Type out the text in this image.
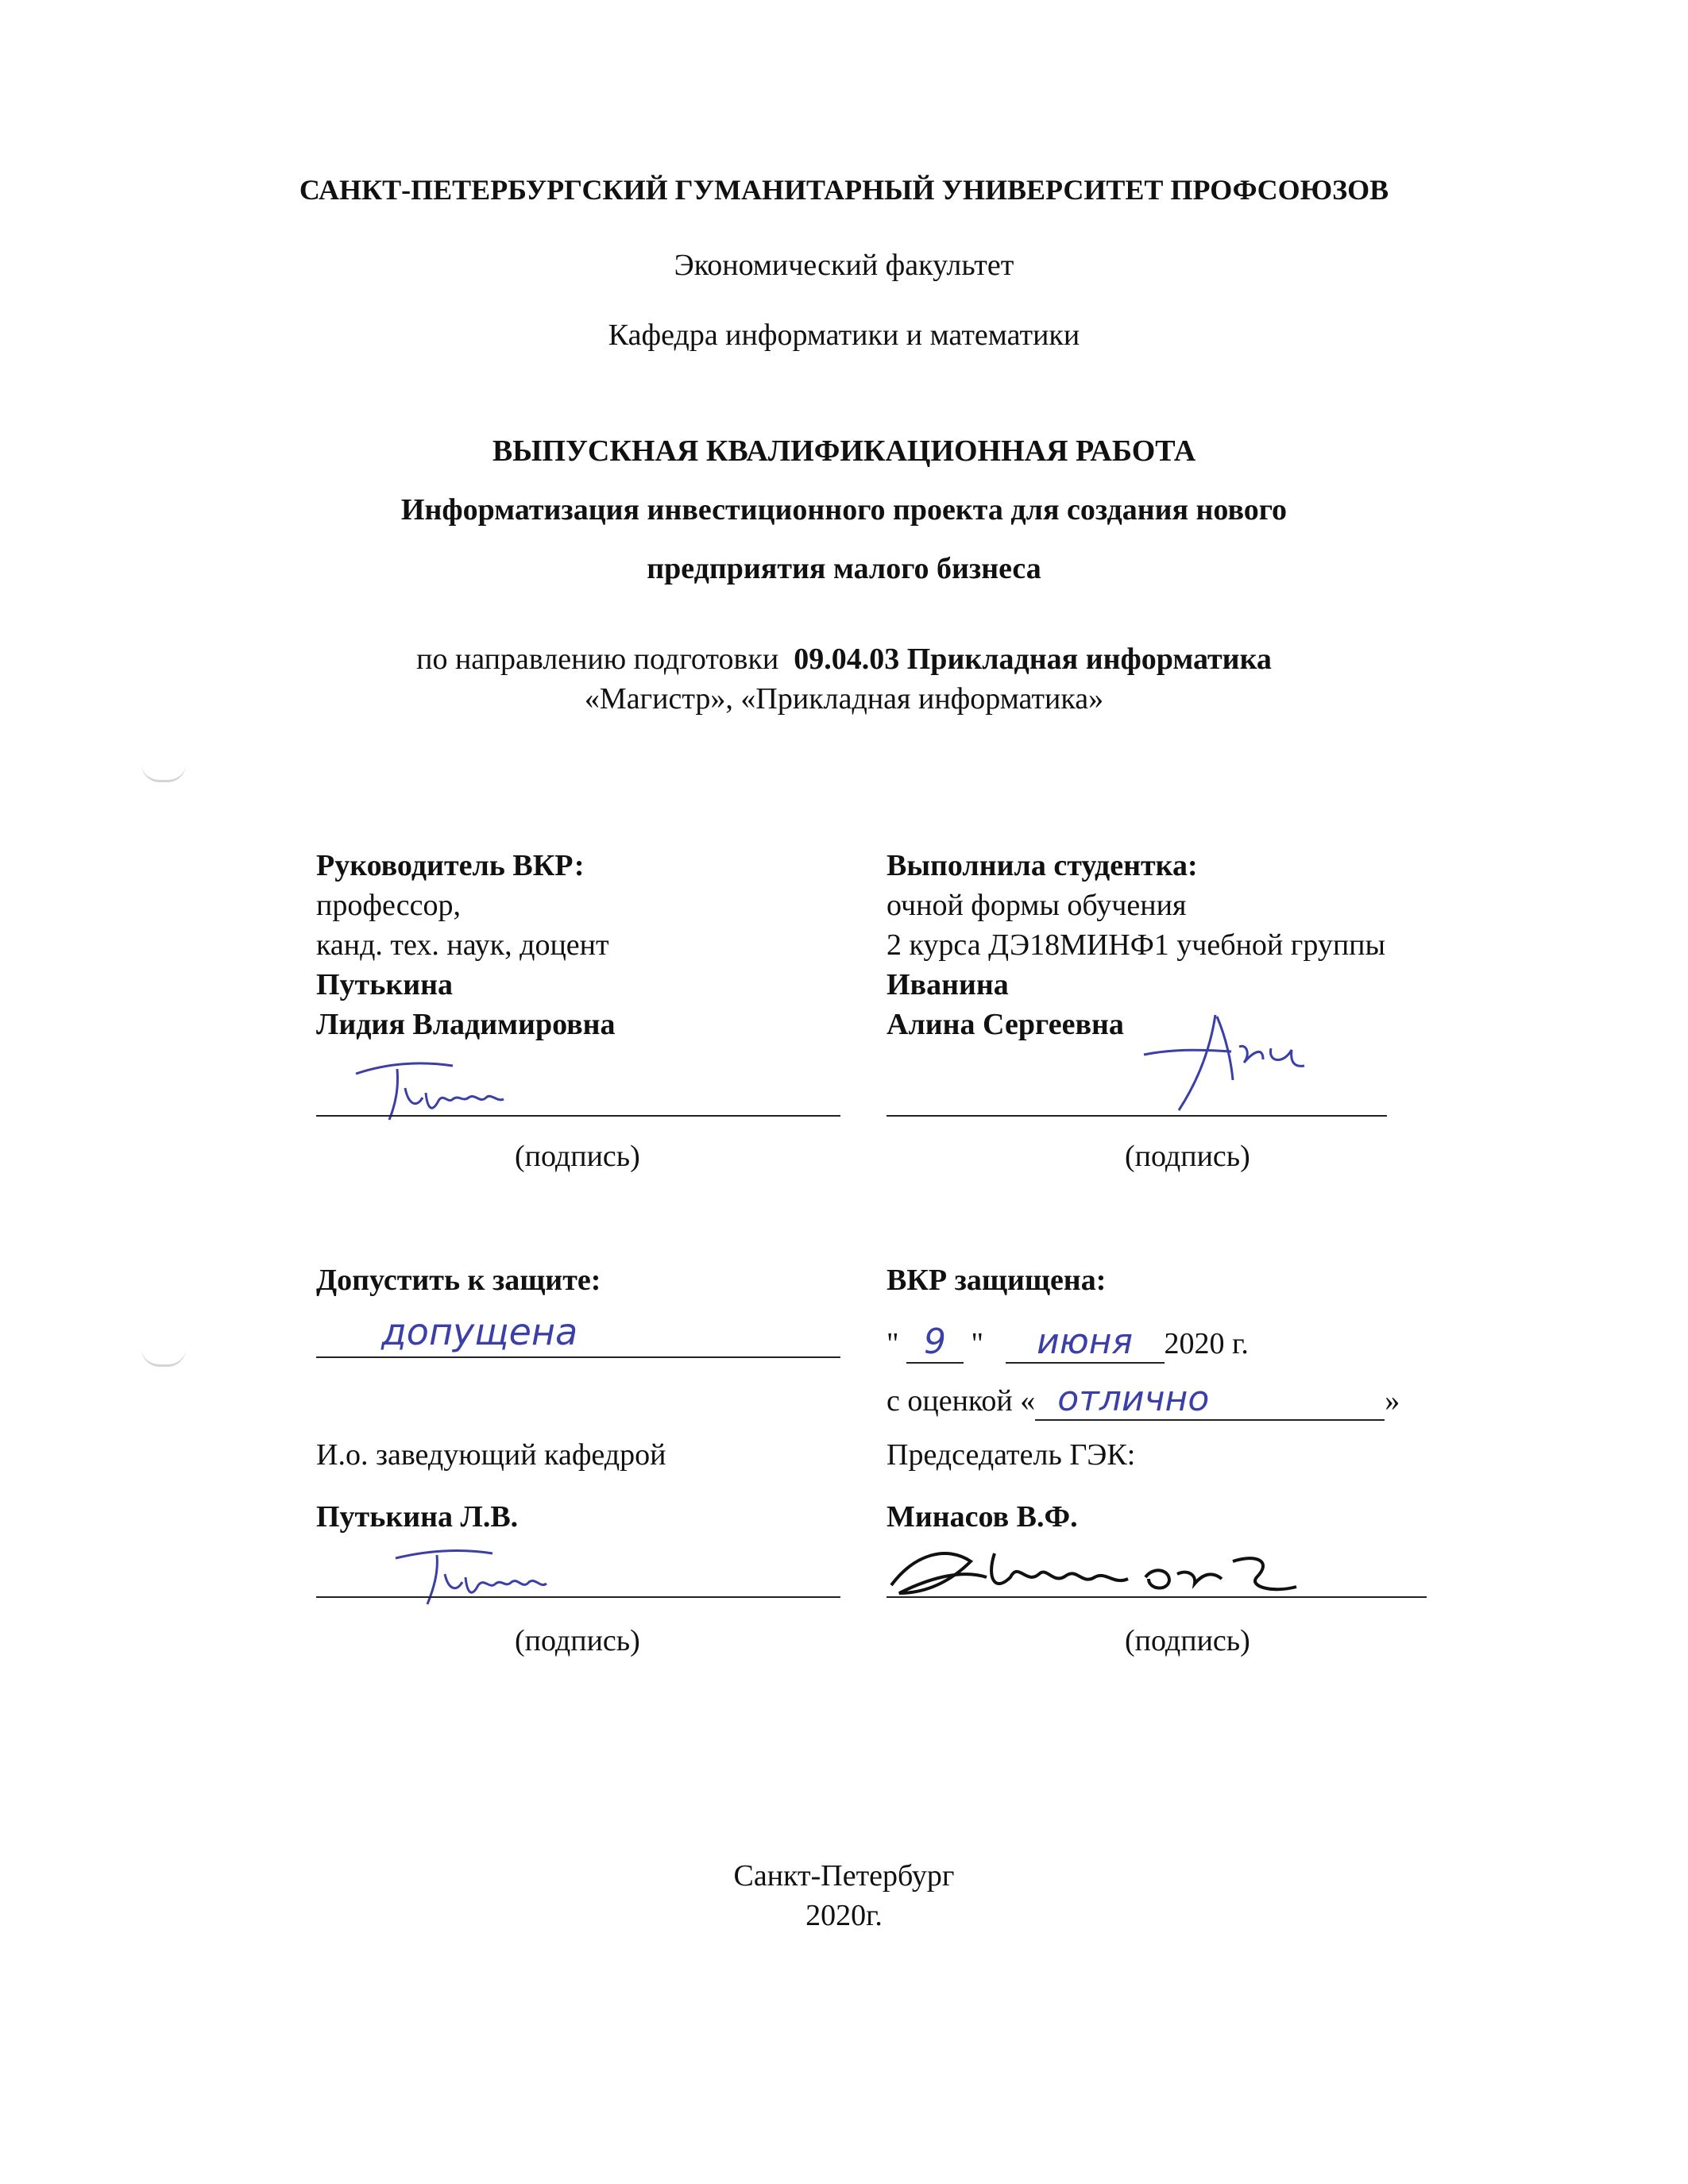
САНКТ-ПЕТЕРБУРГСКИЙ ГУМАНИТАРНЫЙ УНИВЕРСИТЕТ ПРОФСОЮЗОВ
Экономический факультет
Кафедра информатики и математики
ВЫПУСКНАЯ КВАЛИФИКАЦИОННАЯ РАБОТА
Информатизация инвестиционного проекта для создания нового
предприятия малого бизнеса
по направлению подготовки 09.04.03 Прикладная информатика
«Магистр», «Прикладная информатика»
Руководитель ВКР:
профессор,
канд. тех. наук, доцент
Путькина
Лидия Владимировна
(подпись)
Выполнила студентка:
очной формы обучения
2 курса ДЭ18МИНФ1 учебной группы
Иванина
Алина Сергеевна
(подпись)
Допустить к защите:
допущена
И.о. заведующий кафедрой
Путькина Л.В.
(подпись)
ВКР защищена:
" 9 " июня 2020 г.
с оценкой « отлично	»
Председатель ГЭК:
Минасов В.Ф.
(подпись)
Санкт-Петербург
2020г.
